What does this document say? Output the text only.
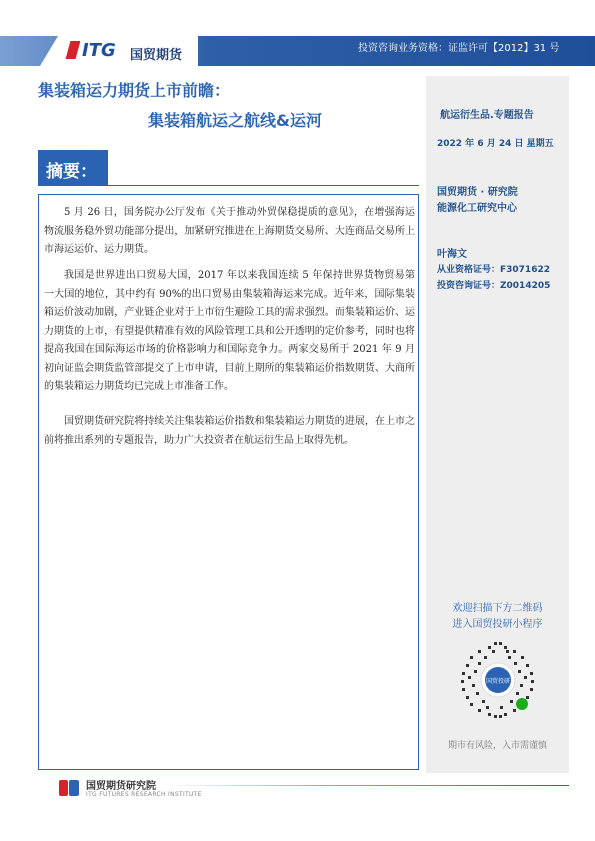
ITG 国贸期货	投资咨询业务资格：证监许可【2012】31 号
集装箱运力期货上市前瞻：
集装箱航运之航线&运河	航运衍生品.专题报告
2022 年 6 月 24 日 星期五
国贸期货 · 研究院
能源化工研究中心
叶海文
从业资格证号：F3071622
投资咨询证号：Z0014205
欢迎扫描下方二维码
进入国贸投研小程序
国贸投研
期市有风险，入市需谨慎
摘要：

5 月 26 日，国务院办公厅发布《关于推动外贸保稳提质的意见》，在增强海运物流服务稳外贸功能部分提出，加紧研究推进在上海期货交易所、大连商品交易所上市海运运价、运力期货。

我国是世界进出口贸易大国，2017 年以来我国连续 5 年保持世界货物贸易第一大国的地位，其中约有 90%的出口贸易由集装箱海运来完成。近年来，国际集装箱运价波动加剧，产业链企业对于上市衍生避险工具的需求强烈。而集装箱运价、运力期货的上市，有望提供精准有效的风险管理工具和公开透明的定价参考，同时也将提高我国在国际海运市场的价格影响力和国际竞争力。两家交易所于 2021 年 9 月初向证监会期货监管部提交了上市申请，目前上期所的集装箱运价指数期货、大商所的集装箱运力期货均已完成上市准备工作。

国贸期货研究院将持续关注集装箱运价指数和集装箱运力期货的进展，在上市之前将推出系列的专题报告，助力广大投资者在航运衍生品上取得先机。

国贸期货研究院
ITG FUTURES RESEARCH INSTITUTE
